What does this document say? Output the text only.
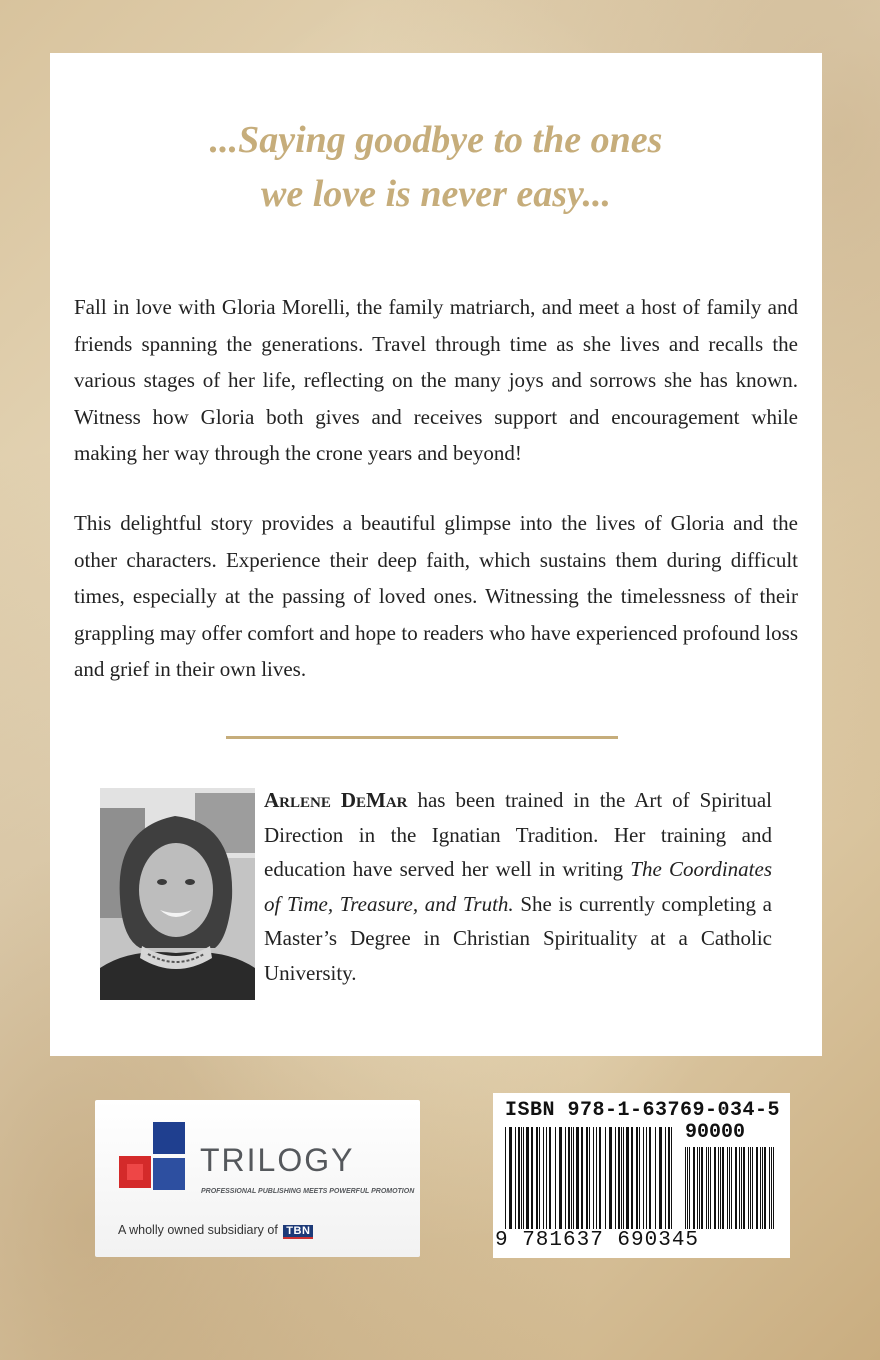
...Saying goodbye to the ones
we love is never easy...

Fall in love with Gloria Morelli, the family matriarch, and meet a host of family and friends spanning the generations. Travel through time as she lives and recalls the various stages of her life, reflecting on the many joys and sorrows she has known. Witness how Gloria both gives and receives support and encouragement while making her way through the crone years and beyond!

This delightful story provides a beautiful glimpse into the lives of Gloria and the other characters. Experience their deep faith, which sustains them during difficult times, especially at the passing of loved ones. Witnessing the timelessness of their grappling may offer comfort and hope to readers who have experienced profound loss and grief in their own lives.

Arlene DeMar has been trained in the Art of Spiritual Direction in the Ignatian Tradition. Her training and education have served her well in writing The Coordinates of Time, Treasure, and Truth. She is currently completing a Master’s Degree in Christian Spirituality at a Catholic University.

TRILOGY
PROFESSIONAL PUBLISHING MEETS POWERFUL PROMOTION
A wholly owned subsidiary of TBN
ISBN 978-1-63769-034-5
90000
9 781637 690345
